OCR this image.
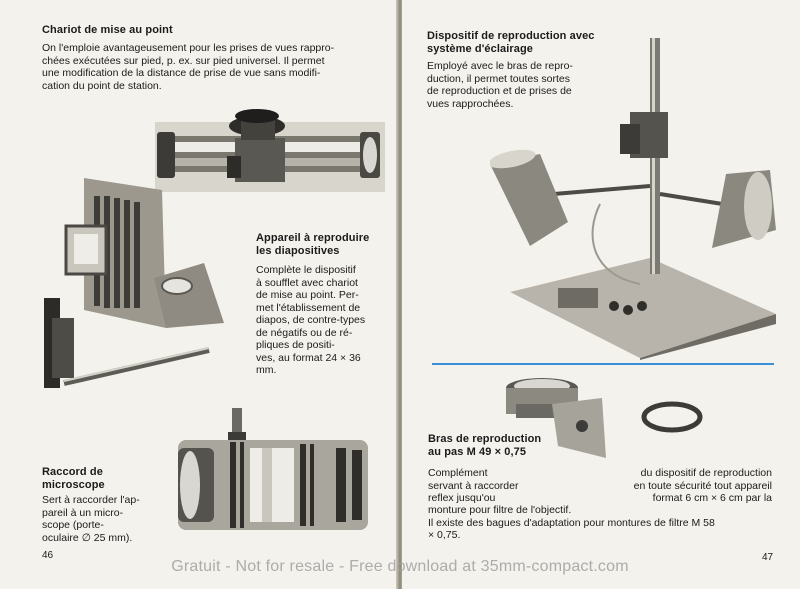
Chariot de mise au point

On l'emploie avantageusement pour les prises de vues rappro-

chées exécutées sur pied, p. ex. sur pied universel. Il permet

une modification de la distance de prise de vue sans modifi-

cation du point de station.

Appareil à reproduire
les diapositives

Complète le dispositif

à soufflet avec chariot

de mise au point. Per-

met l'établissement de

diapos, de contre-types

de négatifs ou de ré-

pliques de positi-

ves, au format 24 × 36

mm.

Raccord de
microscope

Sert à raccorder l'ap-

pareil à un micro-

scope (porte-

oculaire ∅ 25 mm).

46
Dispositif de reproduction avec
système d'éclairage

Employé avec le bras de repro-

duction, il permet toutes sortes

de reproduction et de prises de

vues rapprochées.

Bras de reproduction
au pas M 49 × 0,75

Complément

servant à raccorder

reflex jusqu'ou

du dispositif de reproduction

en toute sécurité tout appareil

format 6 cm × 6 cm par la

monture pour filtre de l'objectif.

Il existe des bagues d'adaptation pour montures de filtre M 58

× 0,75.

47
Gratuit - Not for resale - Free download at 35mm-compact.com
